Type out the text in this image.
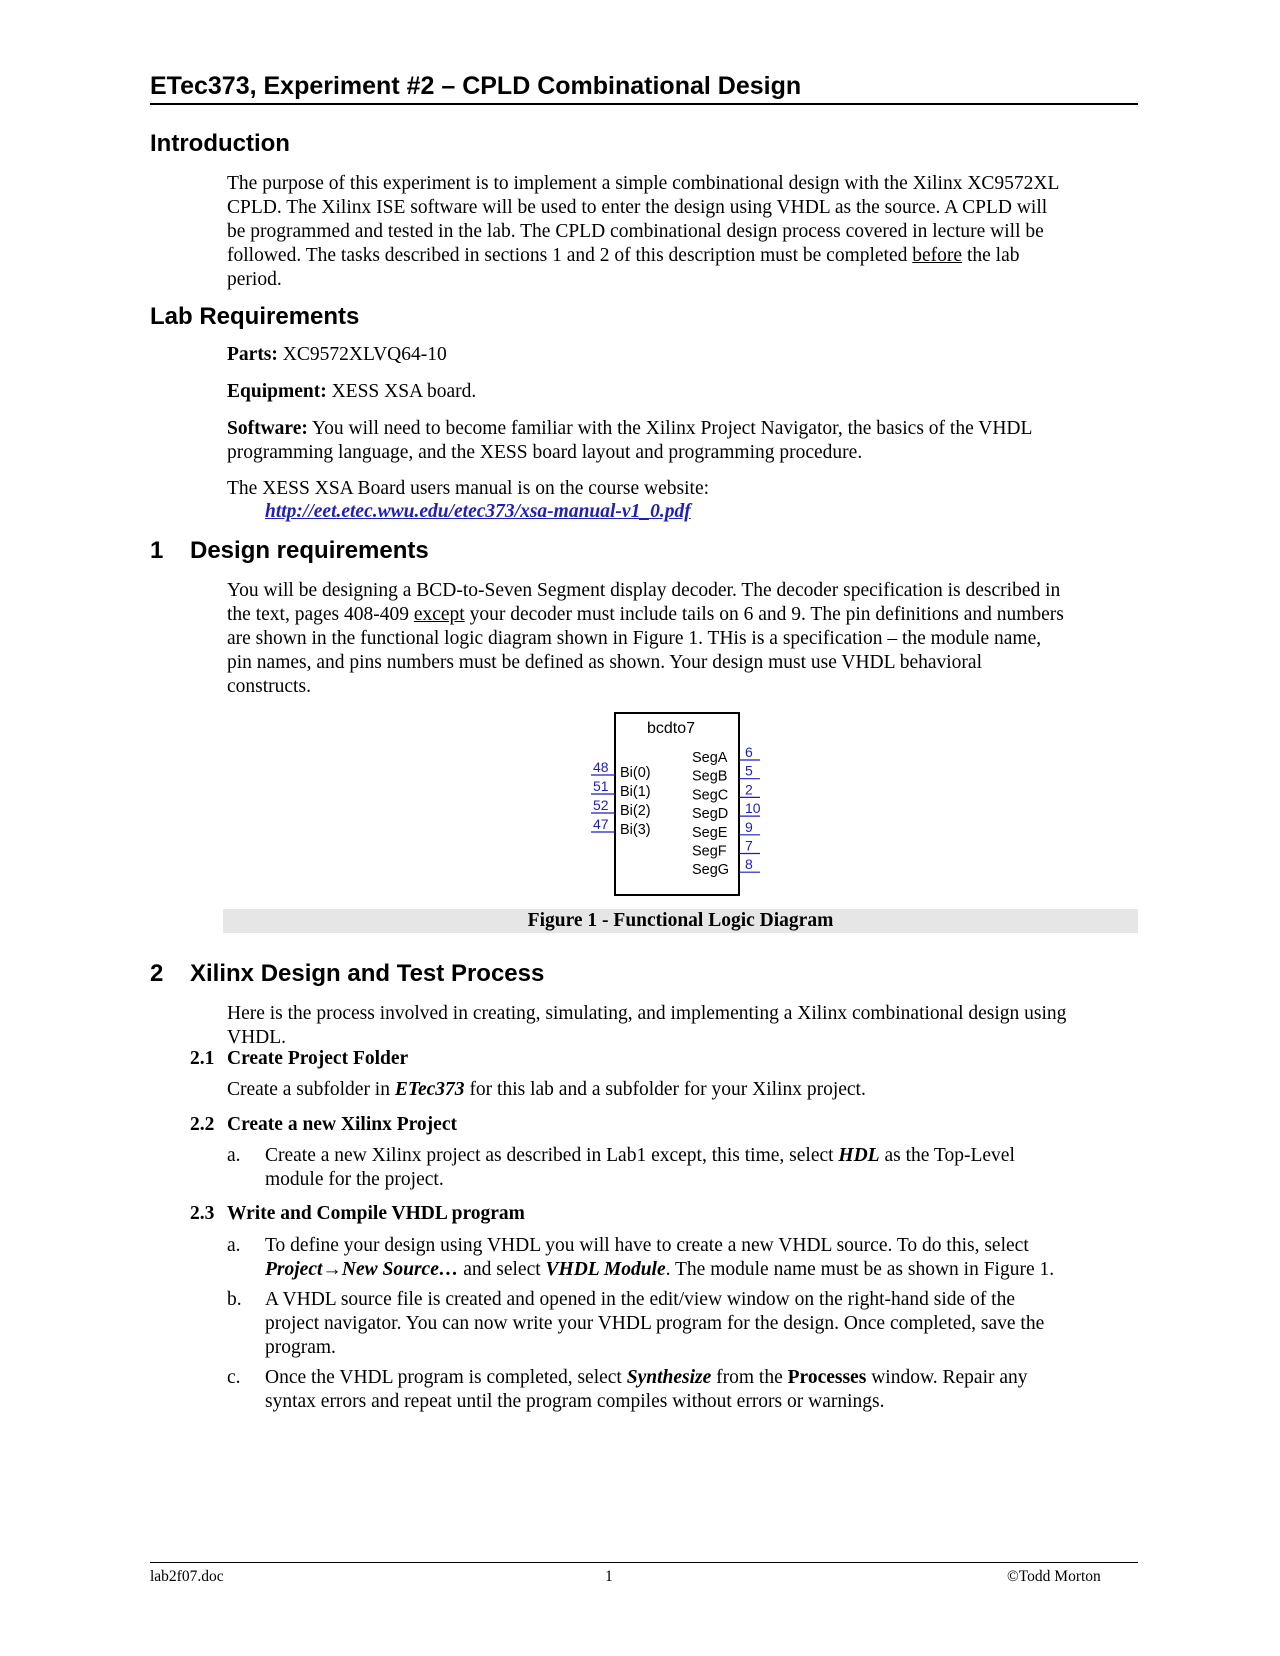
ETec373, Experiment #2 – CPLD Combinational Design
Introduction
The purpose of this experiment is to implement a simple combinational design with the Xilinx XC9572XL
CPLD. The Xilinx ISE software will be used to enter the design using VHDL as the source. A CPLD will
be programmed and tested in the lab. The CPLD combinational design process covered in lecture will be
followed. The tasks described in sections 1 and 2 of this description must be completed before the lab
period.
Lab Requirements
Parts: XC9572XLVQ64-10
Equipment: XESS XSA board.
Software: You will need to become familiar with the Xilinx Project Navigator, the basics of the VHDL
programming language, and the XESS board layout and programming procedure.
The XESS XSA Board users manual is on the course website:
http://eet.etec.wwu.edu/etec373/xsa-manual-v1_0.pdf
1 Design requirements
You will be designing a BCD-to-Seven Segment display decoder. The decoder specification is described in
the text, pages 408-409 except your decoder must include tails on 6 and 9. The pin definitions and numbers
are shown in the functional logic diagram shown in Figure 1. THis is a specification – the module name,
pin names, and pins numbers must be defined as shown. Your design must use VHDL behavioral
constructs.
bcdto7
48 Bi(0)
51 Bi(1)
52 Bi(2)
47 Bi(3)
SegA 6
SegB 5
SegC 2
SegD 10
SegE 9
SegF 7
SegG 8
Figure 1 - Functional Logic Diagram
2 Xilinx Design and Test Process
Here is the process involved in creating, simulating, and implementing a Xilinx combinational design using
VHDL.
2.1 Create Project Folder
Create a subfolder in ETec373 for this lab and a subfolder for your Xilinx project.
2.2 Create a new Xilinx Project
a. Create a new Xilinx project as described in Lab1 except, this time, select HDL as the Top-Level
module for the project.
2.3 Write and Compile VHDL program
a. To define your design using VHDL you will have to create a new VHDL source. To do this, select
Project→New Source… and select VHDL Module. The module name must be as shown in Figure 1.
b. A VHDL source file is created and opened in the edit/view window on the right-hand side of the
project navigator. You can now write your VHDL program for the design. Once completed, save the
program.
c. Once the VHDL program is completed, select Synthesize from the Processes window. Repair any
syntax errors and repeat until the program compiles without errors or warnings.
lab2f07.doc	1	©Todd Morton
